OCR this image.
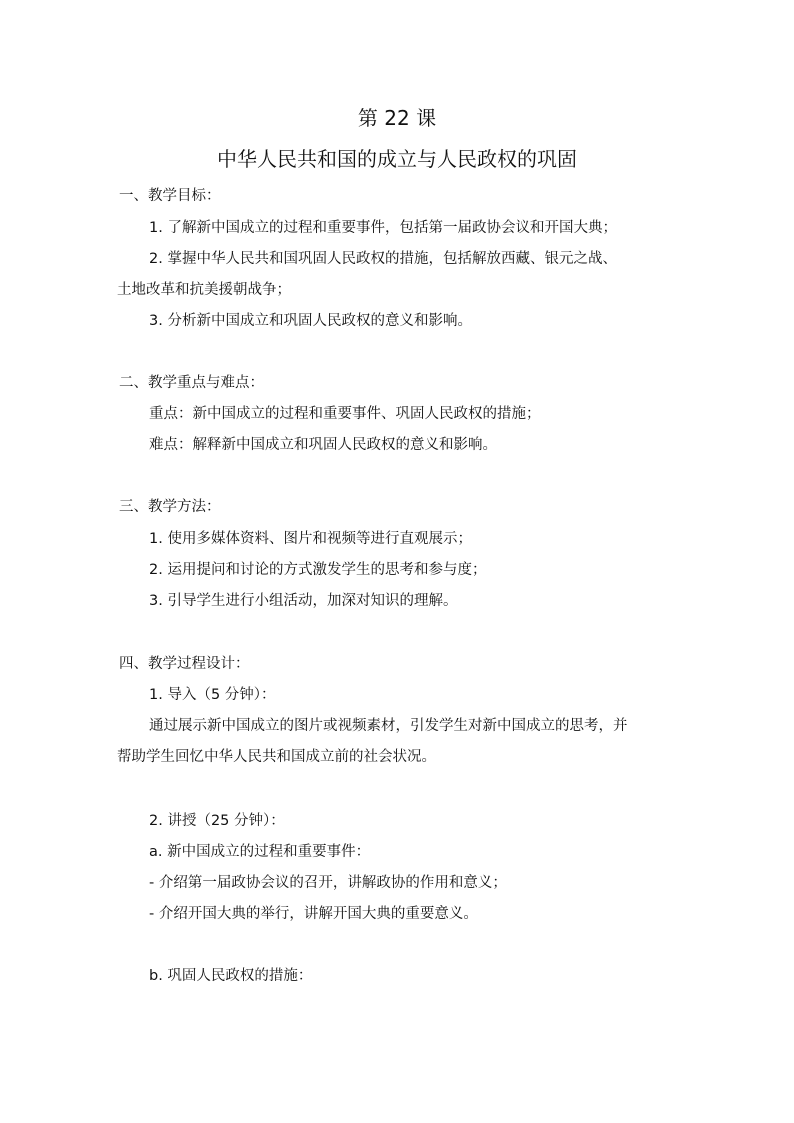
第 22 课
中华人民共和国的成立与人民政权的巩固
一、教学目标：
1. 了解新中国成立的过程和重要事件，包括第一届政协会议和开国大典；
2. 掌握中华人民共和国巩固人民政权的措施，包括解放西藏、银元之战、
土地改革和抗美援朝战争；
3. 分析新中国成立和巩固人民政权的意义和影响。
二、教学重点与难点：
重点：新中国成立的过程和重要事件、巩固人民政权的措施；
难点：解释新中国成立和巩固人民政权的意义和影响。
三、教学方法：
1. 使用多媒体资料、图片和视频等进行直观展示；
2. 运用提问和讨论的方式激发学生的思考和参与度；
3. 引导学生进行小组活动，加深对知识的理解。
四、教学过程设计：
1. 导入（5 分钟）：
通过展示新中国成立的图片或视频素材，引发学生对新中国成立的思考，并
帮助学生回忆中华人民共和国成立前的社会状况。
2. 讲授（25 分钟）：
a. 新中国成立的过程和重要事件：
- 介绍第一届政协会议的召开，讲解政协的作用和意义；
- 介绍开国大典的举行，讲解开国大典的重要意义。
b. 巩固人民政权的措施：
